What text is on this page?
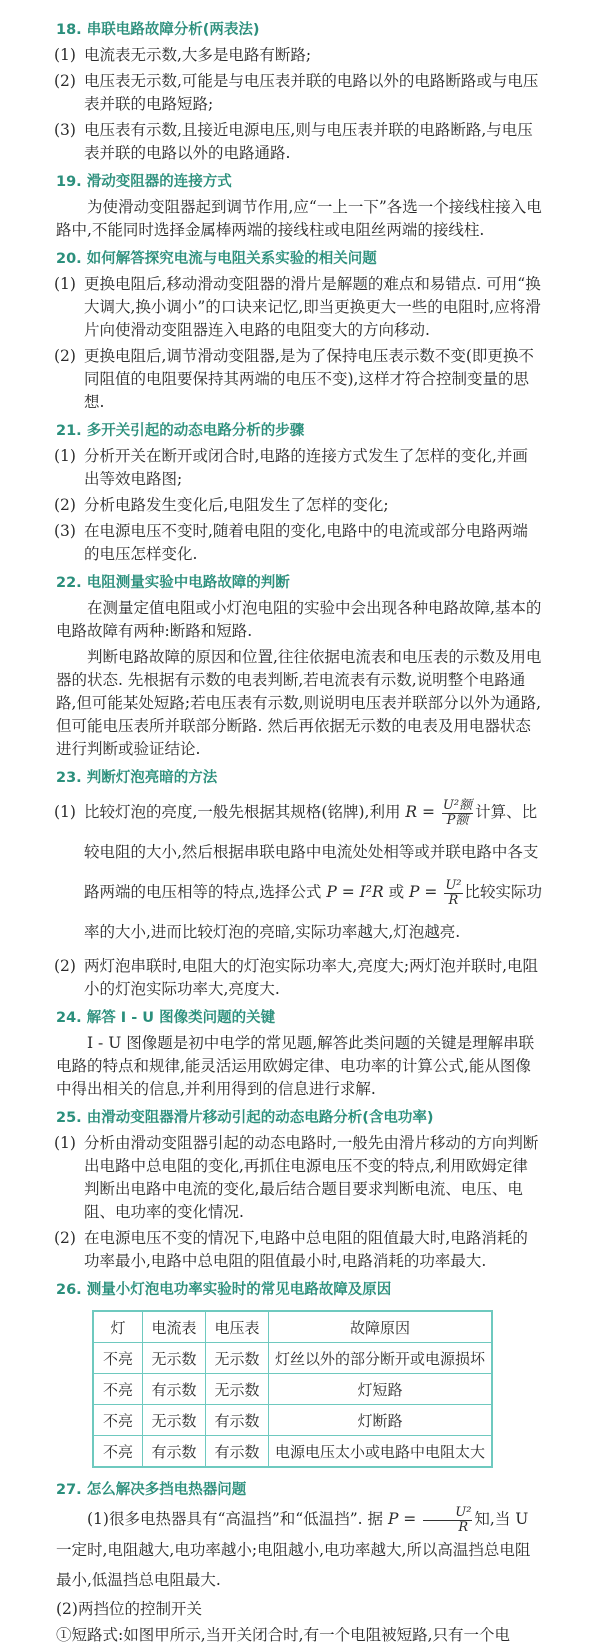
18. 串联电路故障分析(两表法)
(1) 电流表无示数,大多是电路有断路;
(2) 电压表无示数,可能是与电压表并联的电路以外的电路断路或与电压表并联的电路短路;
(3) 电压表有示数,且接近电源电压,则与电压表并联的电路断路,与电压表并联的电路以外的电路通路.
19. 滑动变阻器的连接方式
为使滑动变阻器起到调节作用,应“一上一下”各选一个接线柱接入电路中,不能同时选择金属棒两端的接线柱或电阻丝两端的接线柱.
20. 如何解答探究电流与电阻关系实验的相关问题
(1) 更换电阻后,移动滑动变阻器的滑片是解题的难点和易错点. 可用“换大调大,换小调小”的口诀来记忆,即当更换更大一些的电阻时,应将滑片向使滑动变阻器连入电路的电阻变大的方向移动.
(2) 更换电阻后,调节滑动变阻器,是为了保持电压表示数不变(即更换不同阻值的电阻要保持其两端的电压不变),这样才符合控制变量的思想.
21. 多开关引起的动态电路分析的步骤
(1) 分析开关在断开或闭合时,电路的连接方式发生了怎样的变化,并画出等效电路图;
(2) 分析电路发生变化后,电阻发生了怎样的变化;
(3) 在电源电压不变时,随着电阻的变化,电路中的电流或部分电路两端的电压怎样变化.
22. 电阻测量实验中电路故障的判断
在测量定值电阻或小灯泡电阻的实验中会出现各种电路故障,基本的电路故障有两种:断路和短路.
判断电路故障的原因和位置,往往依据电流表和电压表的示数及用电器的状态. 先根据有示数的电表判断,若电流表有示数,说明整个电路通路,但可能某处短路;若电压表有示数,则说明电压表并联部分以外为通路,但可能电压表所并联部分断路. 然后再依据无示数的电表及用电器状态进行判断或验证结论.
23. 判断灯泡亮暗的方法
(1) 比较灯泡的亮度,一般先根据其规格(铭牌),利用 $R = \frac{\text{U²额}}{\text{P额}}$ 计算、比较电阻的大小,然后根据串联电路中电流处处相等或并联电路中各支路两端的电压相等的特点,选择公式 P = I²R 或 $P = \frac{\text{U²}}{R}$ 比较实际功率的大小,进而比较灯泡的亮暗,实际功率越大,灯泡越亮.
(2) 两灯泡串联时,电阻大的灯泡实际功率大,亮度大;两灯泡并联时,电阻小的灯泡实际功率大,亮度大.
24. 解答 I - U 图像类问题的关键
I - U 图像题是初中电学的常见题,解答此类问题的关键是理解串联电路的特点和规律,能灵活运用欧姆定律、电功率的计算公式,能从图像中得出相关的信息,并利用得到的信息进行求解.
25. 由滑动变阻器滑片移动引起的动态电路分析(含电功率)
(1) 分析由滑动变阻器引起的动态电路时,一般先由滑片移动的方向判断出电路中总电阻的变化,再抓住电源电压不变的特点,利用欧姆定律判断出电路中电流的变化,最后结合题目要求判断电流、电压、电阻、电功率的变化情况.
(2) 在电源电压不变的情况下,电路中总电阻的阻值最大时,电路消耗的功率最小,电路中总电阻的阻值最小时,电路消耗的功率最大.
26. 测量小灯泡电功率实验时的常见电路故障及原因
灯	电流表	电压表	故障原因
不亮	无示数	无示数	灯丝以外的部分断开或电源损坏
不亮	有示数	无示数	灯短路
不亮	无示数	有示数	灯断路
不亮	有示数	有示数	电源电压太小或电路中电阻太大
27. 怎么解决多挡电热器问题
(1)很多电热器具有“高温挡”和“低温挡”. 据 $P = \frac{\text{U²}}{R}$ 知,当 U 一定时,电阻越大,电功率越小;电阻越小,电功率越大,所以高温挡总电阻最小,低温挡总电阻最大.
(2)两挡位的控制开关
①短路式:如图甲所示,当开关闭合时,有一个电阻被短路,只有一个电
